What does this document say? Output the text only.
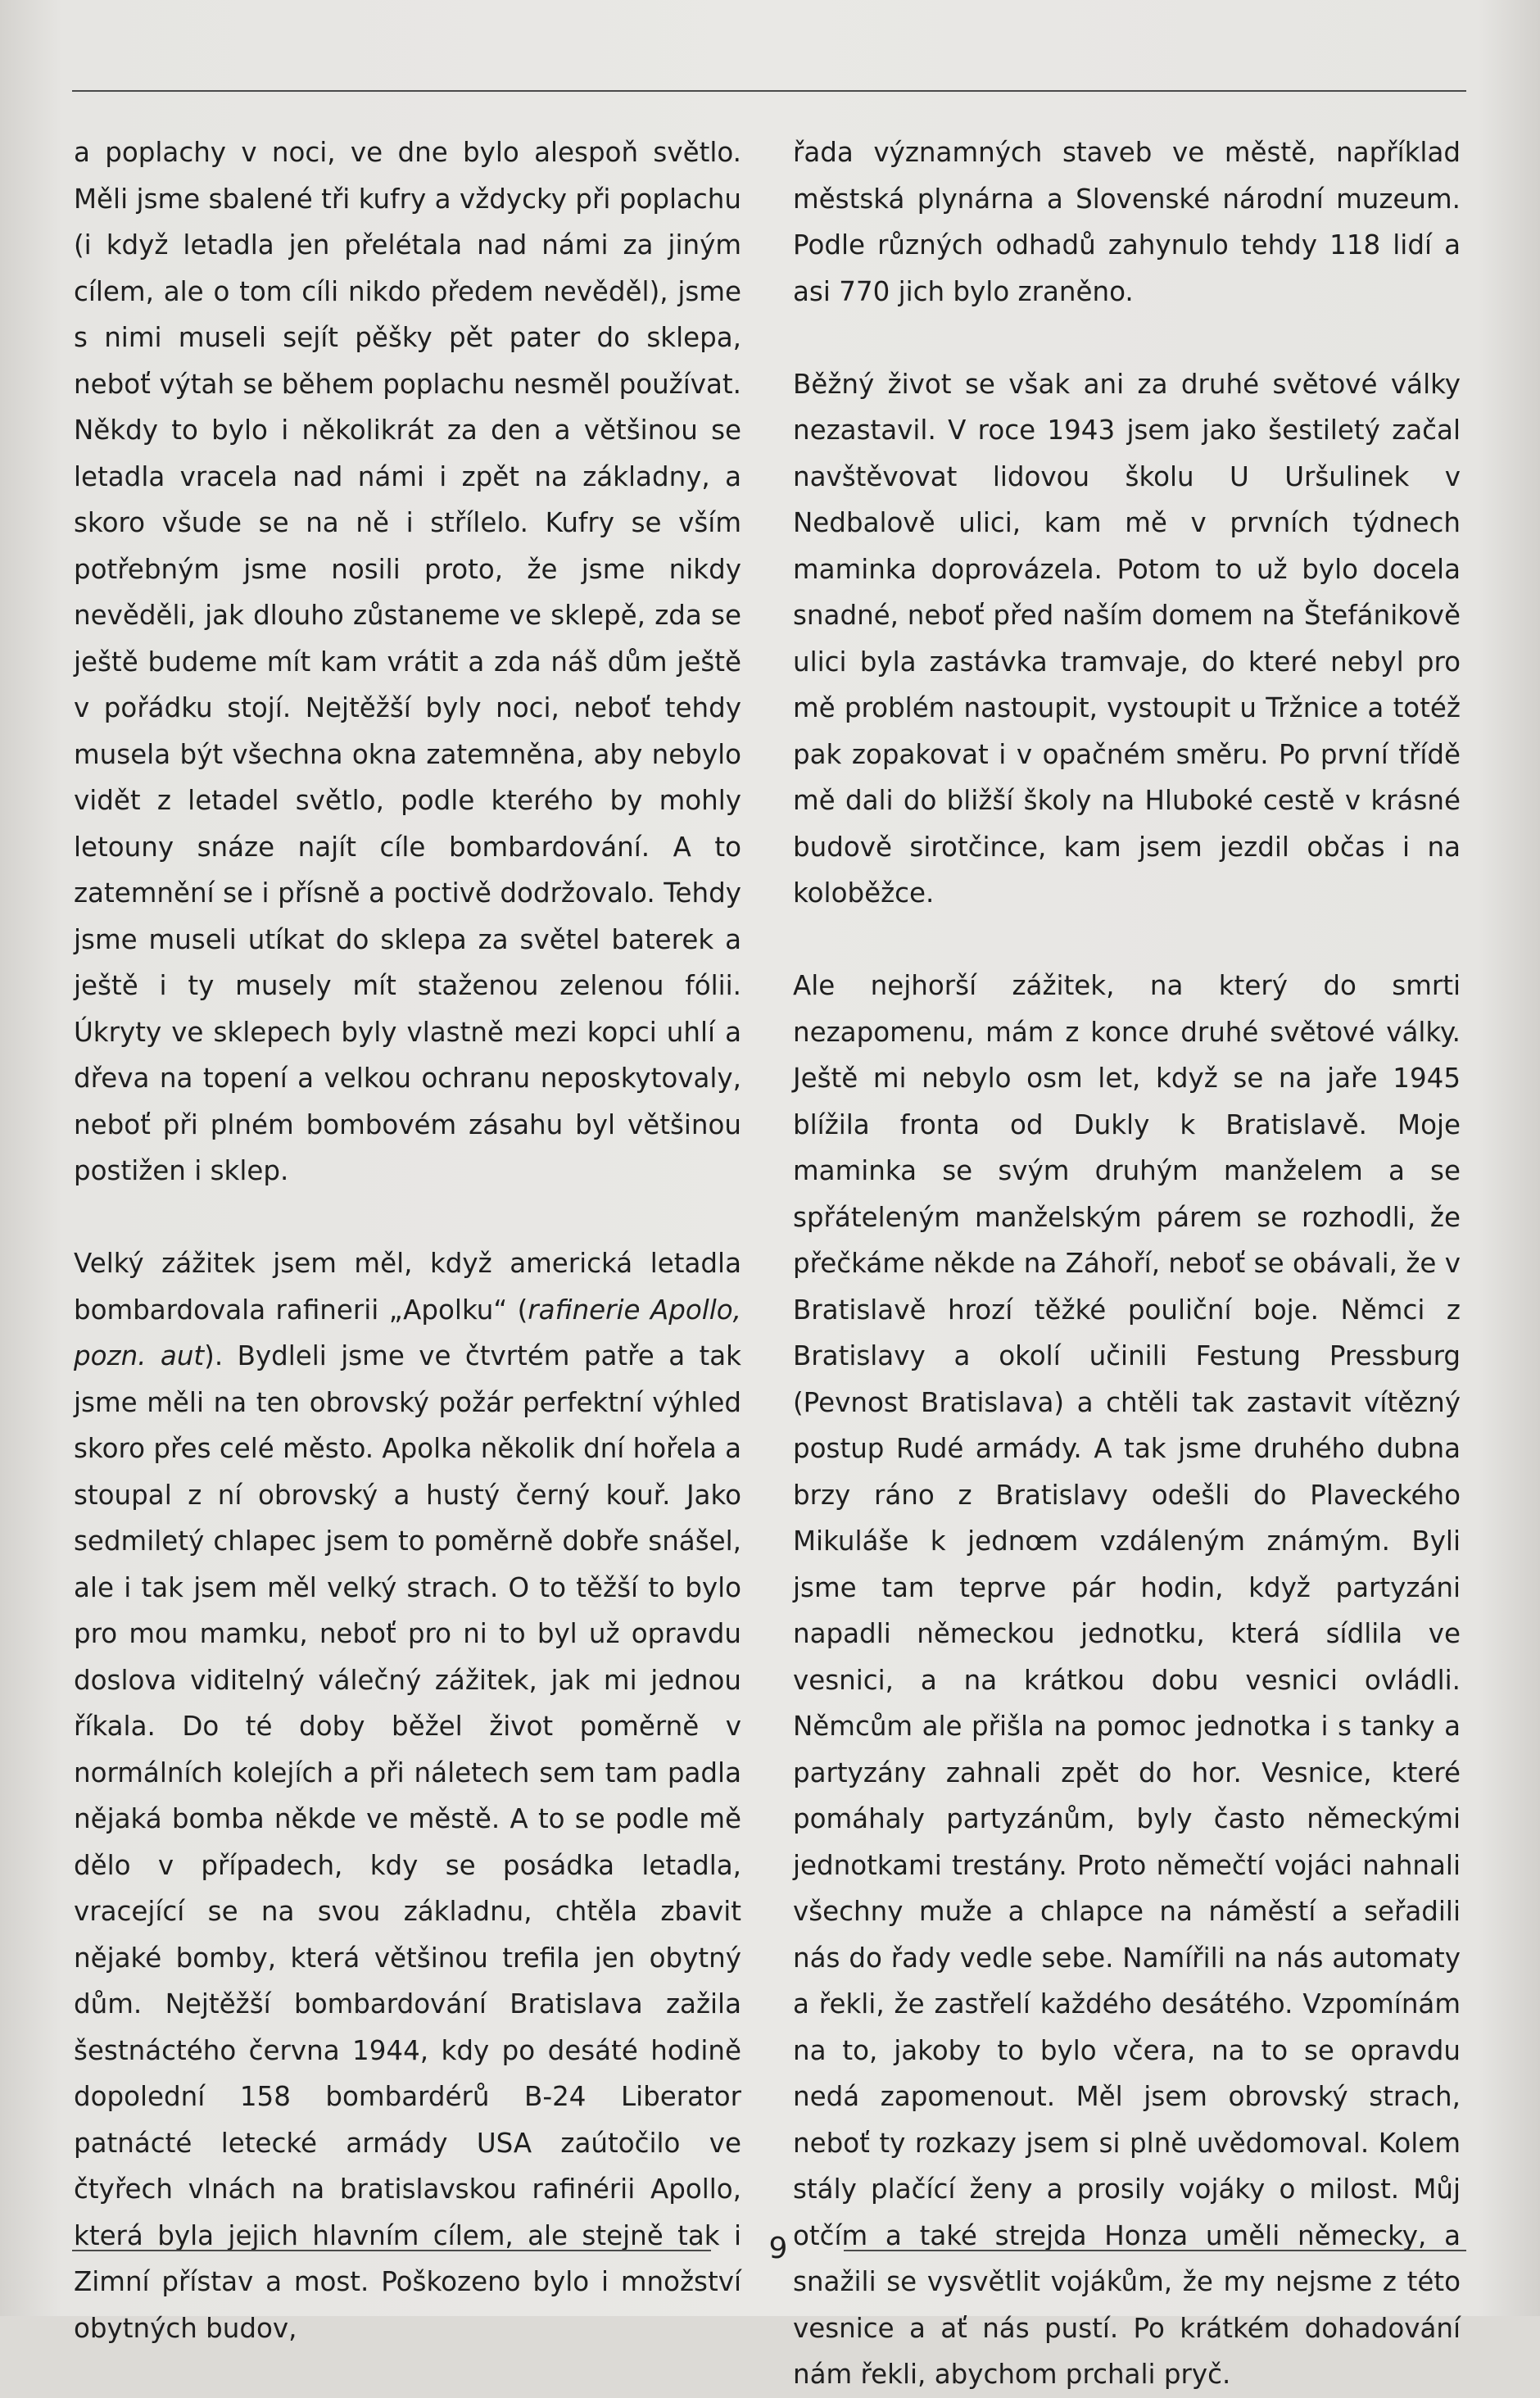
a poplachy v noci, ve dne bylo alespoň světlo. Měli jsme sbalené tři kufry a vždycky při poplachu (i když letadla jen přelétala nad námi za jiným cílem, ale o tom cíli nikdo předem nevěděl), jsme s nimi museli sejít pěšky pět pater do sklepa, neboť výtah se během poplachu nesměl používat. Někdy to bylo i několikrát za den a většinou se letadla vracela nad námi i zpět na základny, a skoro všude se na ně i střílelo. Kufry se vším potřebným jsme nosili proto, že jsme nikdy nevěděli, jak dlouho zůstaneme ve sklepě, zda se ještě budeme mít kam vrátit a zda náš dům ještě v pořádku stojí. Nejtěžší byly noci, neboť tehdy musela být všechna okna zatemněna, aby nebylo vidět z letadel světlo, podle kterého by mohly letouny snáze najít cíle bombardování. A to zatemnění se i přísně a poctivě dodržovalo. Tehdy jsme museli utíkat do sklepa za světel baterek a ještě i ty musely mít staženou zelenou fólii. Úkryty ve sklepech byly vlastně mezi kopci uhlí a dřeva na topení a velkou ochranu neposkytovaly, neboť při plném bombovém zásahu byl většinou postižen i sklep.

Velký zážitek jsem měl, když americká letadla bombardovala rafinerii „Apolku“ (rafinerie Apollo, pozn. aut). Bydleli jsme ve čtvrtém patře a tak jsme měli na ten obrovský požár perfektní výhled skoro přes celé město. Apolka několik dní hořela a stoupal z ní obrovský a hustý černý kouř. Jako sedmiletý chlapec jsem to poměrně dobře snášel, ale i tak jsem měl velký strach. O to těžší to bylo pro mou mamku, neboť pro ni to byl už opravdu doslova viditelný válečný zážitek, jak mi jednou říkala. Do té doby běžel život poměrně v normálních kolejích a při náletech sem tam padla nějaká bomba někde ve městě. A to se podle mě dělo v případech, kdy se posádka letadla, vracející se na svou základnu, chtěla zbavit nějaké bomby, která většinou trefila jen obytný dům. Nejtěžší bombardování Bratislava zažila šestnáctého června 1944, kdy po desáté hodině dopolední 158 bombardérů B-24 Liberator patnácté letecké armády USA zaútočilo ve čtyřech vlnách na bratislavskou rafinérii Apollo, která byla jejich hlavním cílem, ale stejně tak i Zimní přístav a most. Poškozeno bylo i množství obytných budov,

řada významných staveb ve městě, například městská plynárna a Slovenské národní muzeum. Podle různých odhadů zahynulo tehdy 118 lidí a asi 770 jich bylo zraněno.

Běžný život se však ani za druhé světové války nezastavil. V roce 1943 jsem jako šestiletý začal navštěvovat lidovou školu U Uršulinek v Nedbalově ulici, kam mě v prvních týdnech maminka doprovázela. Potom to už bylo docela snadné, neboť před naším domem na Štefánikově ulici byla zastávka tramvaje, do které nebyl pro mě problém nastoupit, vystoupit u Tržnice a totéž pak zopakovat i v opačném směru. Po první třídě mě dali do bližší školy na Hluboké cestě v krásné budově sirotčince, kam jsem jezdil občas i na koloběžce.

Ale nejhorší zážitek, na který do smrti nezapomenu, mám z konce druhé světové války. Ještě mi nebylo osm let, když se na jaře 1945 blížila fronta od Dukly k Bratislavě. Moje maminka se svým druhým manželem a se spřáteleným manželským párem se rozhodli, že přečkáme někde na Záhoří, neboť se obávali, že v Bratislavě hrozí těžké pouliční boje. Němci z Bratislavy a okolí učinili Festung Pressburg (Pevnost Bratislava) a chtěli tak zastavit vítězný postup Rudé armády. A tak jsme druhého dubna brzy ráno z Bratislavy odešli do Plaveckého Mikuláše k jednœm vzdáleným známým. Byli jsme tam teprve pár hodin, když partyzáni napadli německou jednotku, která sídlila ve vesnici, a na krátkou dobu vesnici ovládli. Němcům ale přišla na pomoc jednotka i s tanky a partyzány zahnali zpět do hor. Vesnice, které pomáhaly partyzánům, byly často německými jednotkami trestány. Proto němečtí vojáci nahnali všechny muže a chlapce na náměstí a seřadili nás do řady vedle sebe. Namířili na nás automaty a řekli, že zastřelí každého desátého. Vzpomínám na to, jakoby to bylo včera, na to se opravdu nedá zapomenout. Měl jsem obrovský strach, neboť ty rozkazy jsem si plně uvědomoval. Kolem stály plačící ženy a prosily vojáky o milost. Můj otčím a také strejda Honza uměli německy, a snažili se vysvětlit vojákům, že my nejsme z této vesnice a ať nás pustí. Po krátkém dohadování nám řekli, abychom prchali pryč.

9
